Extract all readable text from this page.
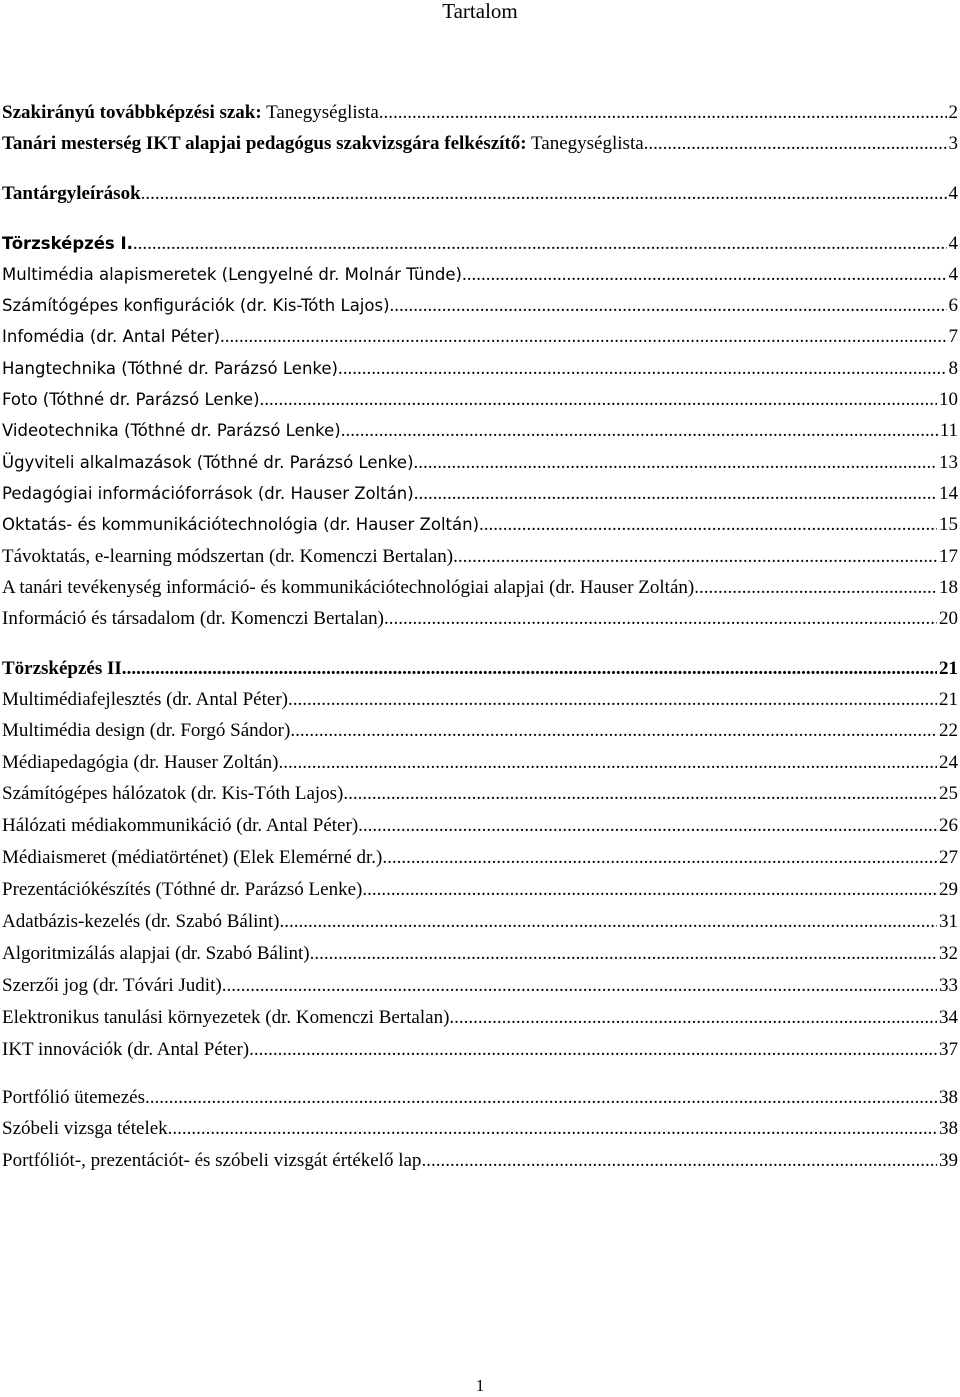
Tartalom
Szakirányú továbbképzési szak: Tanegységlista .....	2
Tanári mesterség IKT alapjai pedagógus szakvizsgára felkészítő: Tanegységlista .....	3
Tantárgyleírások .....	4
Törzsképzés I. .....	4
Multimédia alapismeretek (Lengyelné dr. Molnár Tünde) .....	4
Számítógépes konfigurációk (dr. Kis-Tóth Lajos) .....	6
Infomédia (dr. Antal Péter) .....	7
Hangtechnika (Tóthné dr. Parázsó Lenke) .....	8
Foto (Tóthné dr. Parázsó Lenke) .....	10
Videotechnika (Tóthné dr. Parázsó Lenke) .....	11
Ügyviteli alkalmazások (Tóthné dr. Parázsó Lenke) .....	13
Pedagógiai információforrások (dr. Hauser Zoltán) .....	14
Oktatás- és kommunikációtechnológia (dr. Hauser Zoltán) .....	15
Távoktatás, e-learning módszertan (dr. Komenczi Bertalan) .....	17
A tanári tevékenység információ- és kommunikációtechnológiai alapjai (dr. Hauser Zoltán) .....	18
Információ és társadalom (dr. Komenczi Bertalan) .....	20
Törzsképzés II. .....	21
Multimédiafejlesztés (dr. Antal Péter) .....	21
Multimédia design (dr. Forgó Sándor) .....	22
Médiapedagógia (dr. Hauser Zoltán) .....	24
Számítógépes hálózatok (dr. Kis-Tóth Lajos) .....	25
Hálózati médiakommunikáció (dr. Antal Péter) .....	26
Médiaismeret (médiatörténet) (Elek Elemérné dr.) .....	27
Prezentációkészítés (Tóthné dr. Parázsó Lenke) .....	29
Adatbázis-kezelés (dr. Szabó Bálint) .....	31
Algoritmizálás alapjai (dr. Szabó Bálint) .....	32
Szerzői jog (dr. Tóvári Judit) .....	33
Elektronikus tanulási környezetek (dr. Komenczi Bertalan) .....	34
IKT innovációk (dr. Antal Péter) .....	37
Portfólió ütemezés .....	38
Szóbeli vizsga tételek .....	38
Portfóliót-, prezentációt- és szóbeli vizsgát értékelő lap .....	39
1
